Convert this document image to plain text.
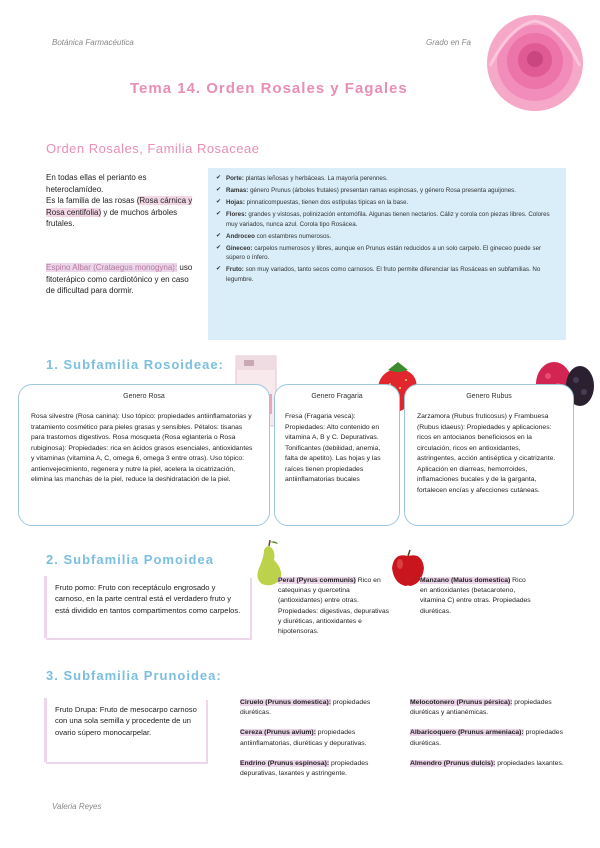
Botánica Farmacéutica	Grado en Fa
Tema 14. Orden Rosales y Fagales
Orden Rosales, Familia Rosaceae
En todas ellas el perianto es heteroclamídeo.
Es la familia de las rosas (Rosa cárnica y Rosa centifolia) y de muchos árboles frutales.
Espino Albar (Crataegus monogyna): uso fitoterápico como cardiotónico y en caso de dificultad para dormir.
✔ Porte: plantas leñosas y herbáceas. La mayoría perennes.
✔ Ramas: género Prunus (árboles frutales) presentan ramas espinosas, y género Rosa presenta aguijones.
✔ Hojas: pinnaticompuestas, tienen dos estípulas típicas en la base.
✔ Flores: grandes y vistosas, polinización entomófila. Algunas tienen nectarios. Cáliz y corola con piezas libres. Colores muy variados, nunca azul. Corola tipo Rosácea.
✔ Androceo con estambres numerosos.
✔ Gineceo: carpelos numerosos y libres, aunque en Prunus están reducidos a un solo carpelo. El gineceo puede ser súpero o ínfero.
✔ Fruto: son muy variados, tanto secos como carnosos. El fruto permite diferenciar las Rosáceas en subfamilias. No legumbre.
1. Subfamilia Rosoideae:
Genero Rosa
Rosa silvestre (Rosa canina): Uso tópico: propiedades antiinflamatorias y tratamiento cosmético para pieles grasas y sensibles. Pétalos: tisanas para trastornos digestivos. Rosa mosqueta (Rosa eglanteria o Rosa rubiginosa): Propiedades: rica en ácidos grasos esenciales, antioxidantes y vitaminas (vitamina A, C, omega 6, omega 3 entre otras). Uso tópico: antienvejecimiento, regenera y nutre la piel, acelera la cicatrización, elimina las manchas de la piel, reduce la deshidratación de la piel.
Genero Fragaria
Fresa (Fragaria vesca): Propiedades: Alto contenido en vitamina A, B y C. Depurativas. Tonificantes (debilidad, anemia, falta de apetito). Las hojas y las raíces tienen propiedades antiinflamatorias bucales
Genero Rubus
Zarzamora (Rubus fruticosus) y Frambuesa (Rubus idaeus): Propiedades y aplicaciones: ricos en antocianos beneficiosos en la circulación, ricos en antioxidantes, astringentes, acción antiséptica y cicatrizante. Aplicación en diarreas, hemorroides, inflamaciones bucales y de la garganta, fortalecen encías y afecciones cutáneas.
2. Subfamilia Pomoidea
Fruto pomo: Fruto con receptáculo engrosado y carnoso, en la parte central está el verdadero fruto y está dividido en tantos compartimentos como carpelos.
Peral (Pyrus communis) Rico en catequinas y quercetina (antioxidantes) entre otras. Propiedades: digestivas, depurativas y diuréticas, antioxidantes e hipotensoras.
Manzano (Malus domestica) Rico en antioxidantes (betacaroteno, vitamina C) entre otras. Propiedades diuréticas.
3. Subfamilia Prunoidea:
Fruto Drupa: Fruto de mesocarpo carnoso con una sola semilla y procedente de un ovario súpero monocarpelar.
Ciruelo (Prunus domestica): propiedades diuréticas.
Cereza (Prunus avium): propiedades antiinflamatorias, diuréticas y depurativas.
Endrino (Prunus espinosa): propiedades depurativas, laxantes y astringente.
Melocotonero (Prunus pérsica): propiedades diuréticas y antianémicas.
Albaricoquero (Prunus armeniaca): propiedades diuréticas.
Almendro (Prunus dulcis): propiedades laxantes.
Valeria Reyes
